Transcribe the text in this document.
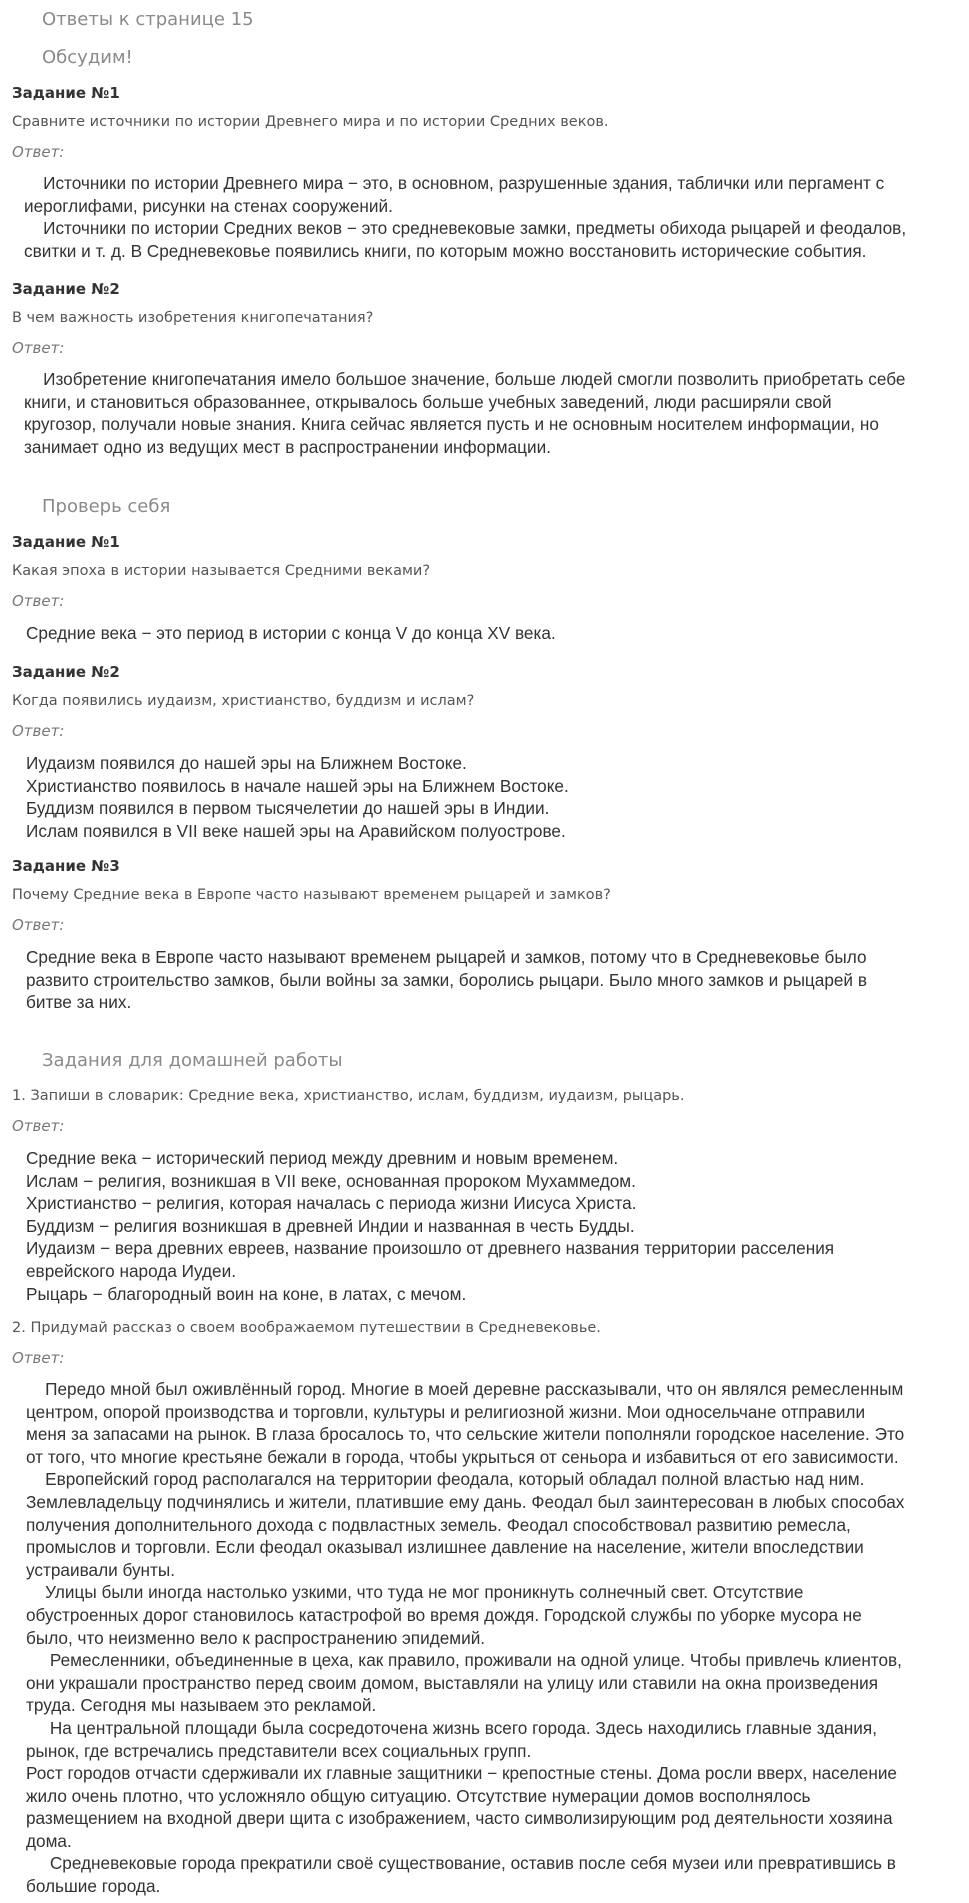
Ответы к странице 15
Обсудим!
Задание №1
Сравните источники по истории Древнего мира и по истории Средних веков.
Ответ:
Источники по истории Древнего мира − это, в основном, разрушенные здания, таблички или пергамент с
иероглифами, рисунки на стенах сооружений.
Источники по истории Средних веков − это средневековые замки, предметы обихода рыцарей и феодалов,
свитки и т. д. В Средневековье появились книги, по которым можно восстановить исторические события.
Задание №2
В чем важность изобретения книгопечатания?
Ответ:
Изобретение книгопечатания имело большое значение, больше людей смогли позволить приобретать себе
книги, и становиться образованнее, открывалось больше учебных заведений, люди расширяли свой
кругозор, получали новые знания. Книга сейчас является пусть и не основным носителем информации, но
занимает одно из ведущих мест в распространении информации.
Проверь себя
Задание №1
Какая эпоха в истории называется Средними веками?
Ответ:
Средние века − это период в истории с конца V до конца XV века.
Задание №2
Когда появились иудаизм, христианство, буддизм и ислам?
Ответ:
Иудаизм появился до нашей эры на Ближнем Востоке.
Христианство появилось в начале нашей эры на Ближнем Востоке.
Буддизм появился в первом тысячелетии до нашей эры в Индии.
Ислам появился в VII веке нашей эры на Аравийском полуострове.
Задание №3
Почему Средние века в Европе часто называют временем рыцарей и замков?
Ответ:
Средние века в Европе часто называют временем рыцарей и замков, потому что в Средневековье было
развито строительство замков, были войны за замки, боролись рыцари. Было много замков и рыцарей в
битве за них.
Задания для домашней работы
1. Запиши в словарик: Средние века, христианство, ислам, буддизм, иудаизм, рыцарь.
Ответ:
Средние века − исторический период между древним и новым временем.
Ислам − религия, возникшая в VII веке, основанная пророком Мухаммедом.
Христианство − религия, которая началась с периода жизни Иисуса Христа.
Буддизм − религия возникшая в древней Индии и названная в честь Будды.
Иудаизм − вера древних евреев, название произошло от древнего названия территории расселения
еврейского народа Иудеи.
Рыцарь − благородный воин на коне, в латах, с мечом.
2. Придумай рассказ о своем воображаемом путешествии в Средневековье.
Ответ:
Передо мной был оживлённый город. Многие в моей деревне рассказывали, что он являлся ремесленным
центром, опорой производства и торговли, культуры и религиозной жизни. Мои односельчане отправили
меня за запасами на рынок. В глаза бросалось то, что сельские жители пополняли городское население. Это
от того, что многие крестьяне бежали в города, чтобы укрыться от сеньора и избавиться от его зависимости.
Европейский город располагался на территории феодала, который обладал полной властью над ним.
Землевладельцу подчинялись и жители, платившие ему дань. Феодал был заинтересован в любых способах
получения дополнительного дохода с подвластных земель. Феодал способствовал развитию ремесла,
промыслов и торговли. Если феодал оказывал излишнее давление на население, жители впоследствии
устраивали бунты.
Улицы были иногда настолько узкими, что туда не мог проникнуть солнечный свет. Отсутствие
обустроенных дорог становилось катастрофой во время дождя. Городской службы по уборке мусора не
было, что неизменно вело к распространению эпидемий.
Ремесленники, объединенные в цеха, как правило, проживали на одной улице. Чтобы привлечь клиентов,
они украшали пространство перед своим домом, выставляли на улицу или ставили на окна произведения
труда. Сегодня мы называем это рекламой.
На центральной площади была сосредоточена жизнь всего города. Здесь находились главные здания,
рынок, где встречались представители всех социальных групп.
Рост городов отчасти сдерживали их главные защитники − крепостные стены. Дома росли вверх, население
жило очень плотно, что усложняло общую ситуацию. Отсутствие нумерации домов восполнялось
размещением на входной двери щита с изображением, часто символизирующим род деятельности хозяина
дома.
Средневековые города прекратили своё существование, оставив после себя музеи или превратившись в
большие города.
